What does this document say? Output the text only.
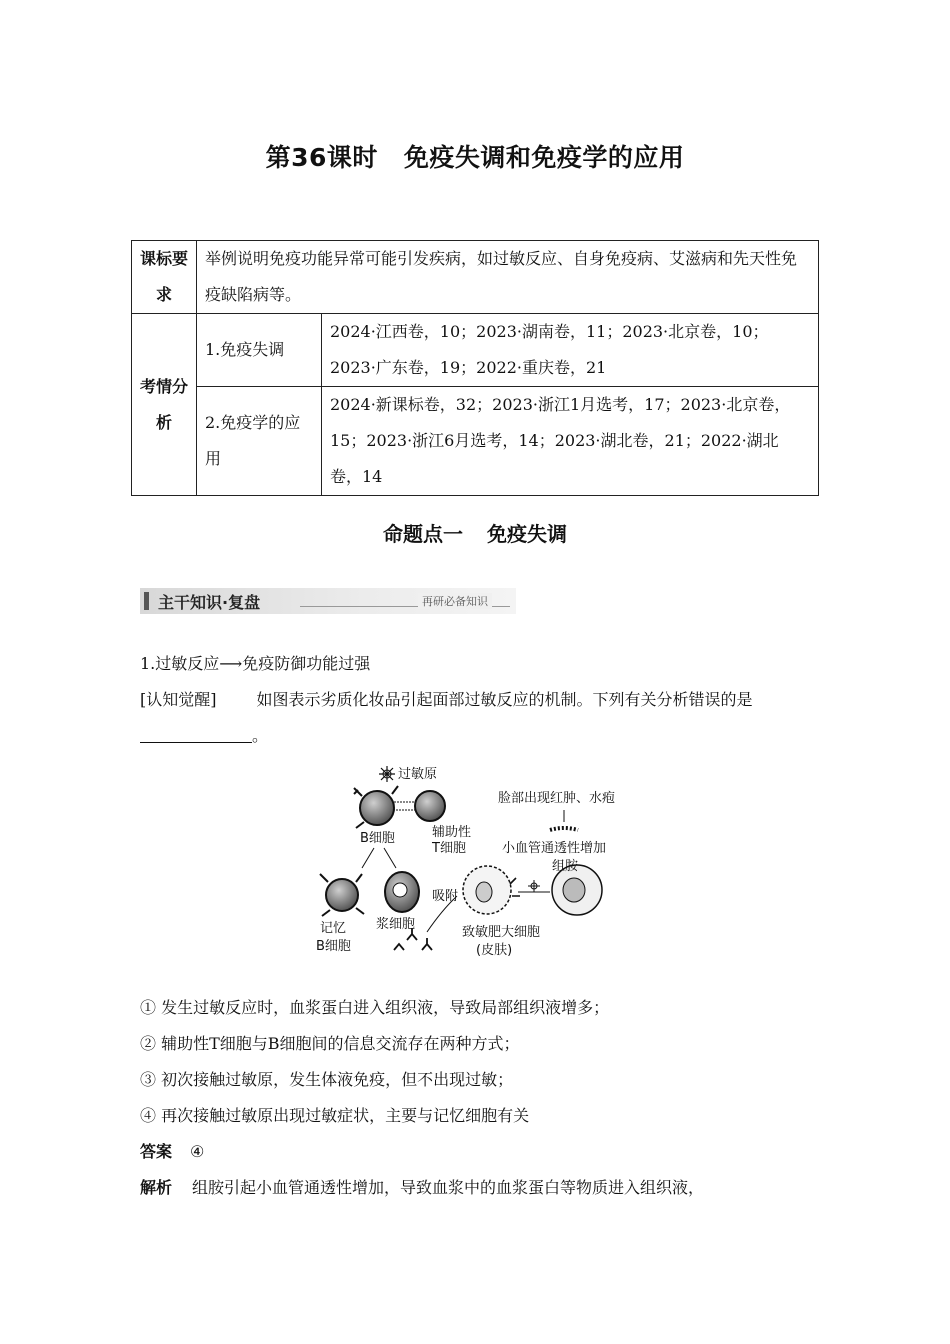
第36课时 免疫失调和免疫学的应用
课标要求	举例说明免疫功能异常可能引发疾病，如过敏反应、自身免疫病、艾滋病和先天性免疫缺陷病等。	
考情分析	1.免疫失调	2024·江西卷，10；2023·湖南卷，11；2023·北京卷，10；2023·广东卷，19；2022·重庆卷，21
	2.免疫学的应用	2024·新课标卷，32；2023·浙江1月选考，17；2023·北京卷，15；2023·浙江6月选考，14；2023·湖北卷，21；2022·湖北卷，14
命题点一 免疫失调
主干知识·复盘	再研必备知识
1.过敏反应⟶免疫防御功能过强
[认知觉醒]	如图表示劣质化妆品引起面部过敏反应的机制。下列有关分析错误的是。
过敏原
B细胞	辅助性
T细胞
记忆
B细胞
浆细胞
吸附
致敏肥大细胞
(皮肤)
组胺
小血管通透性增加
脸部出现红肿、水疱
① 发生过敏反应时，血浆蛋白进入组织液，导致局部组织液增多；
② 辅助性T细胞与B细胞间的信息交流存在两种方式；
③ 初次接触过敏原，发生体液免疫，但不出现过敏；
④ 再次接触过敏原出现过敏症状，主要与记忆细胞有关
答案 ④
解析 组胺引起小血管通透性增加，导致血浆中的血浆蛋白等物质进入组织液，
